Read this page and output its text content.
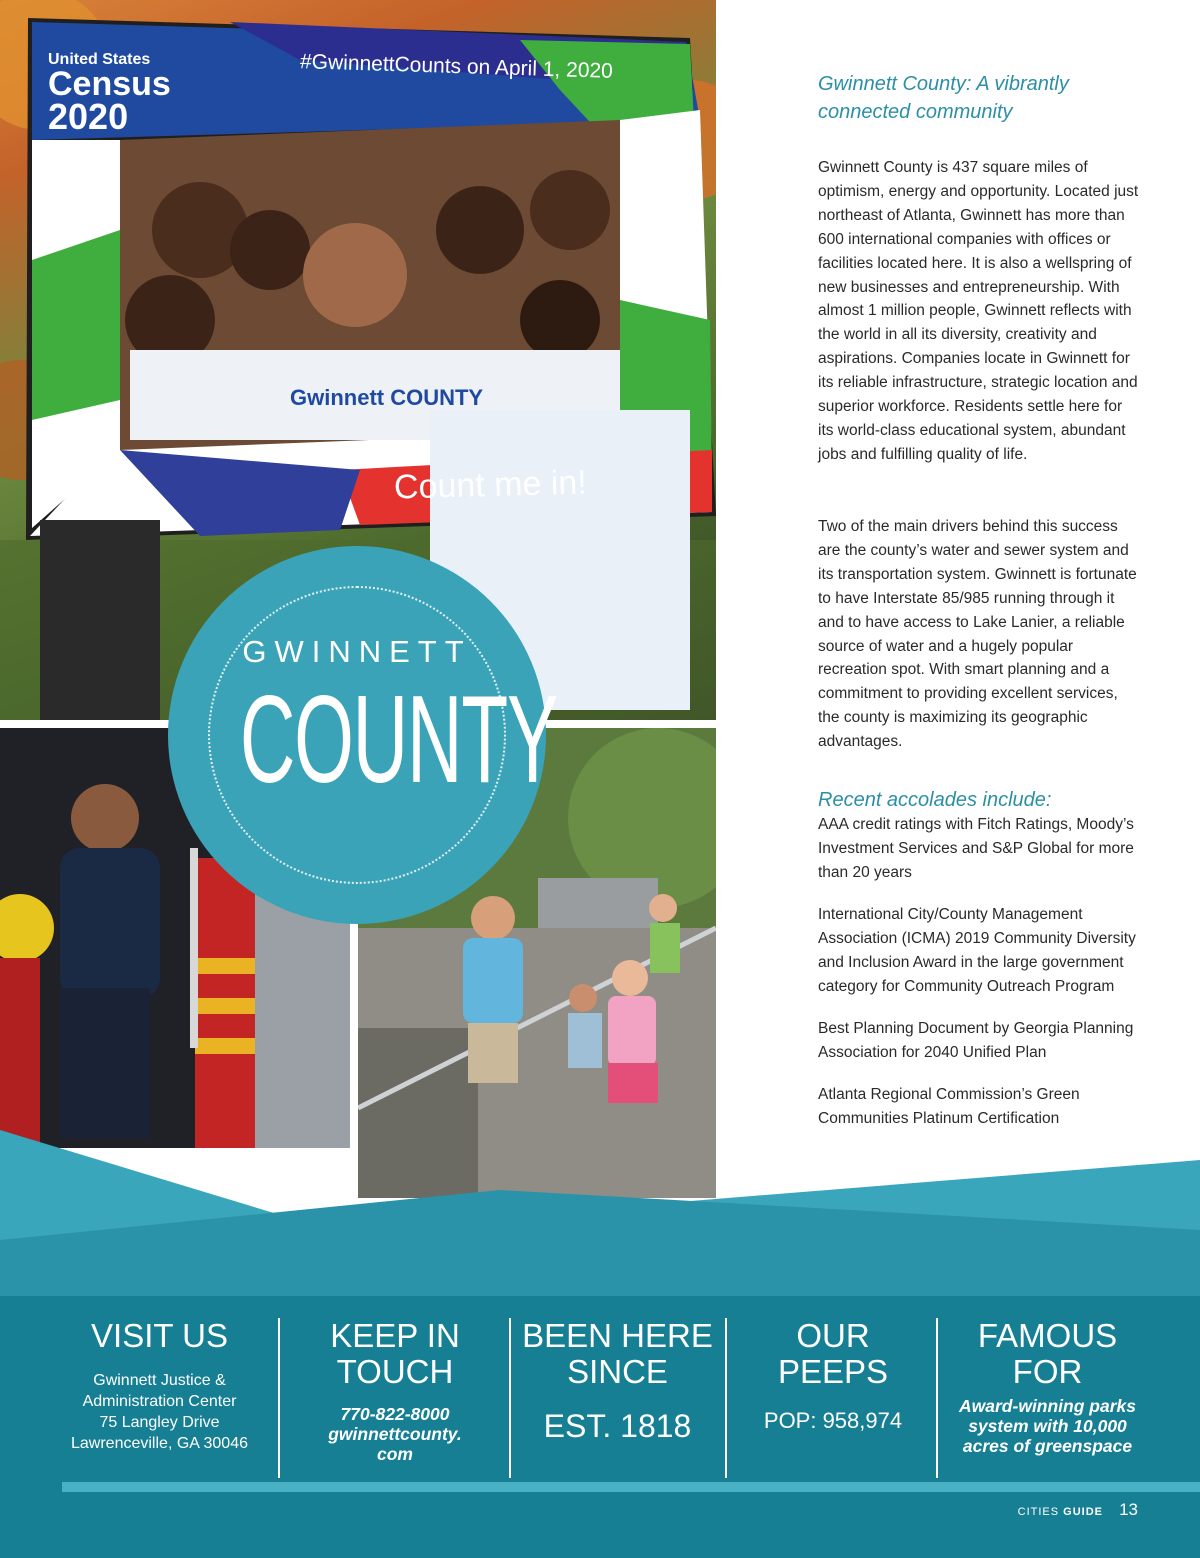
United States
Census
2020
#GwinnettCounts on April 1, 2020
Count me in!
Gwinnett COUNTY
GWINNETT
COUNTY
Gwinnett County: A vibrantly connected community

Gwinnett County is 437 square miles of optimism, energy and opportunity. Located just northeast of Atlanta, Gwinnett has more than 600 international companies with offices or facilities located here. It is also a wellspring of new businesses and entrepreneurship. With almost 1 million people, Gwinnett reflects with the world in all its diversity, creativity and aspirations. Companies locate in Gwinnett for its reliable infrastructure, strategic location and superior workforce. Residents settle here for its world-class educational system, abundant jobs and fulfilling quality of life.

Two of the main drivers behind this success are the county’s water and sewer system and its transportation system. Gwinnett is fortunate to have Interstate 85/985 running through it and to have access to Lake Lanier, a reliable source of water and a hugely popular recreation spot. With smart planning and a commitment to providing excellent services, the county is maximizing its geographic advantages.

Recent accolades include:

AAA credit ratings with Fitch Ratings, Moody’s Investment Services and S&P Global for more than 20 years

International City/County Management Association (ICMA) 2019 Community Diversity and Inclusion Award in the large government category for Community Outreach Program

Best Planning Document by Georgia Planning Association for 2040 Unified Plan

Atlanta Regional Commission’s Green Communities Platinum Certification

VISIT US
Gwinnett Justice &
Administration Center
75 Langley Drive
Lawrenceville, GA 30046
KEEP IN
TOUCH
770-822-8000
gwinnettcounty.
com
BEEN HERE
SINCE
EST. 1818
OUR
PEEPS
POP: 958,974
FAMOUS
FOR
Award-winning parks
system with 10,000
acres of greenspace
CITIES GUIDE 13
